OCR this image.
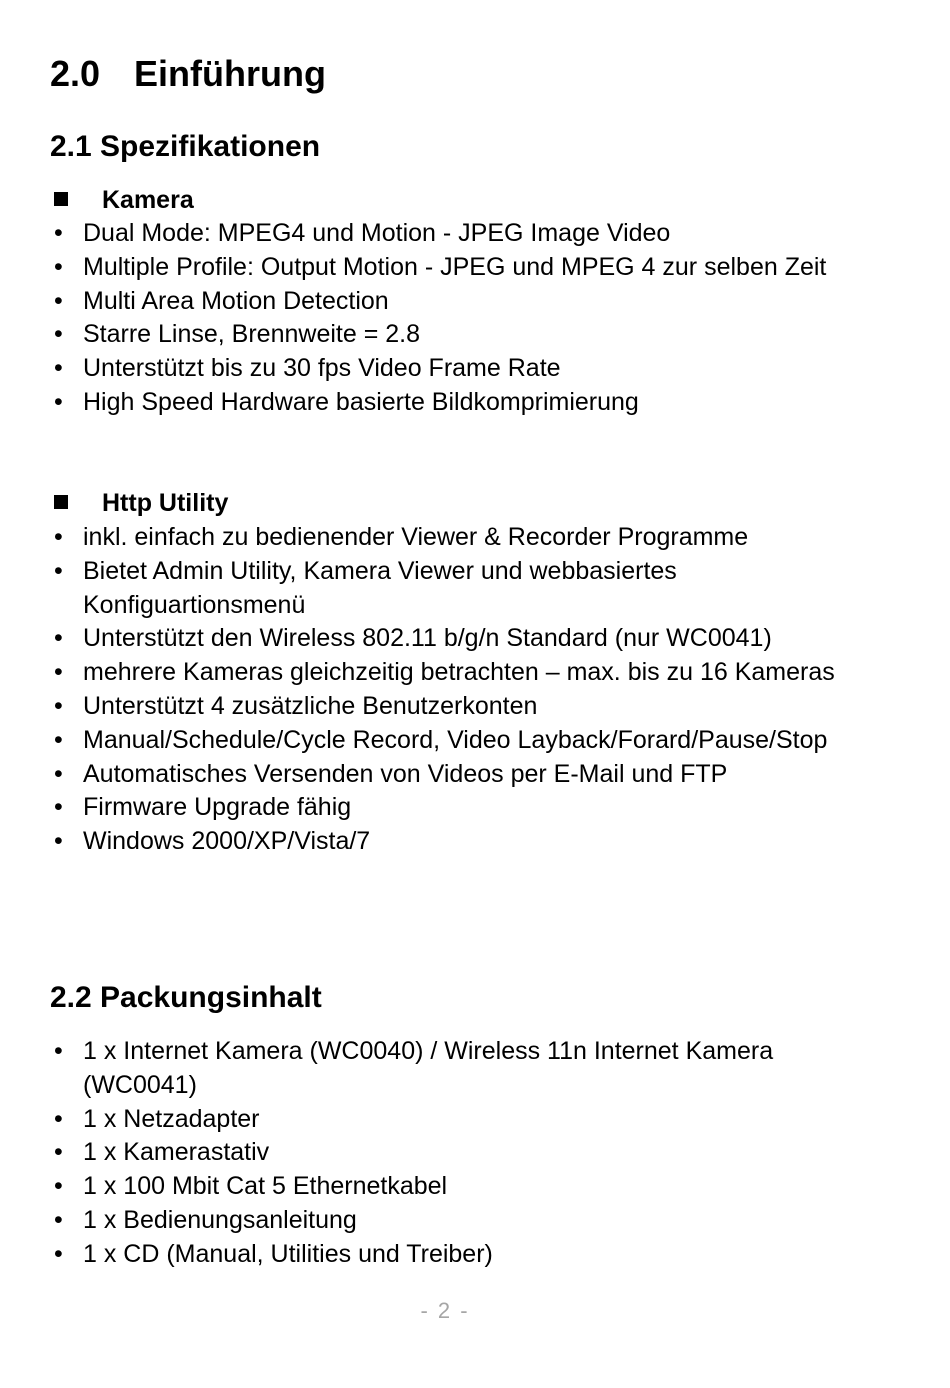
2.0 Einführung
2.1 Spezifikationen
Kamera
• Dual Mode: MPEG4 und Motion - JPEG Image Video
• Multiple Profile: Output Motion - JPEG und MPEG 4 zur selben Zeit
• Multi Area Motion Detection
• Starre Linse, Brennweite = 2.8
• Unterstützt bis zu 30 fps Video Frame Rate
• High Speed Hardware basierte Bildkomprimierung
Http Utility
• inkl. einfach zu bedienender Viewer & Recorder Programme
• Bietet Admin Utility, Kamera Viewer und webbasiertes Konfiguartionsmenü
• Unterstützt den Wireless 802.11 b/g/n Standard (nur WC0041)
• mehrere Kameras gleichzeitig betrachten – max. bis zu 16 Kameras
• Unterstützt 4 zusätzliche Benutzerkonten
• Manual/Schedule/Cycle Record, Video Layback/Forard/Pause/Stop
• Automatisches Versenden von Videos per E-Mail und FTP
• Firmware Upgrade fähig
• Windows 2000/XP/Vista/7
2.2 Packungsinhalt
• 1 x Internet Kamera (WC0040) / Wireless 11n Internet Kamera (WC0041)
• 1 x Netzadapter
• 1 x Kamerastativ
• 1 x 100 Mbit Cat 5 Ethernetkabel
• 1 x Bedienungsanleitung
• 1 x CD (Manual, Utilities und Treiber)
- 2 -
